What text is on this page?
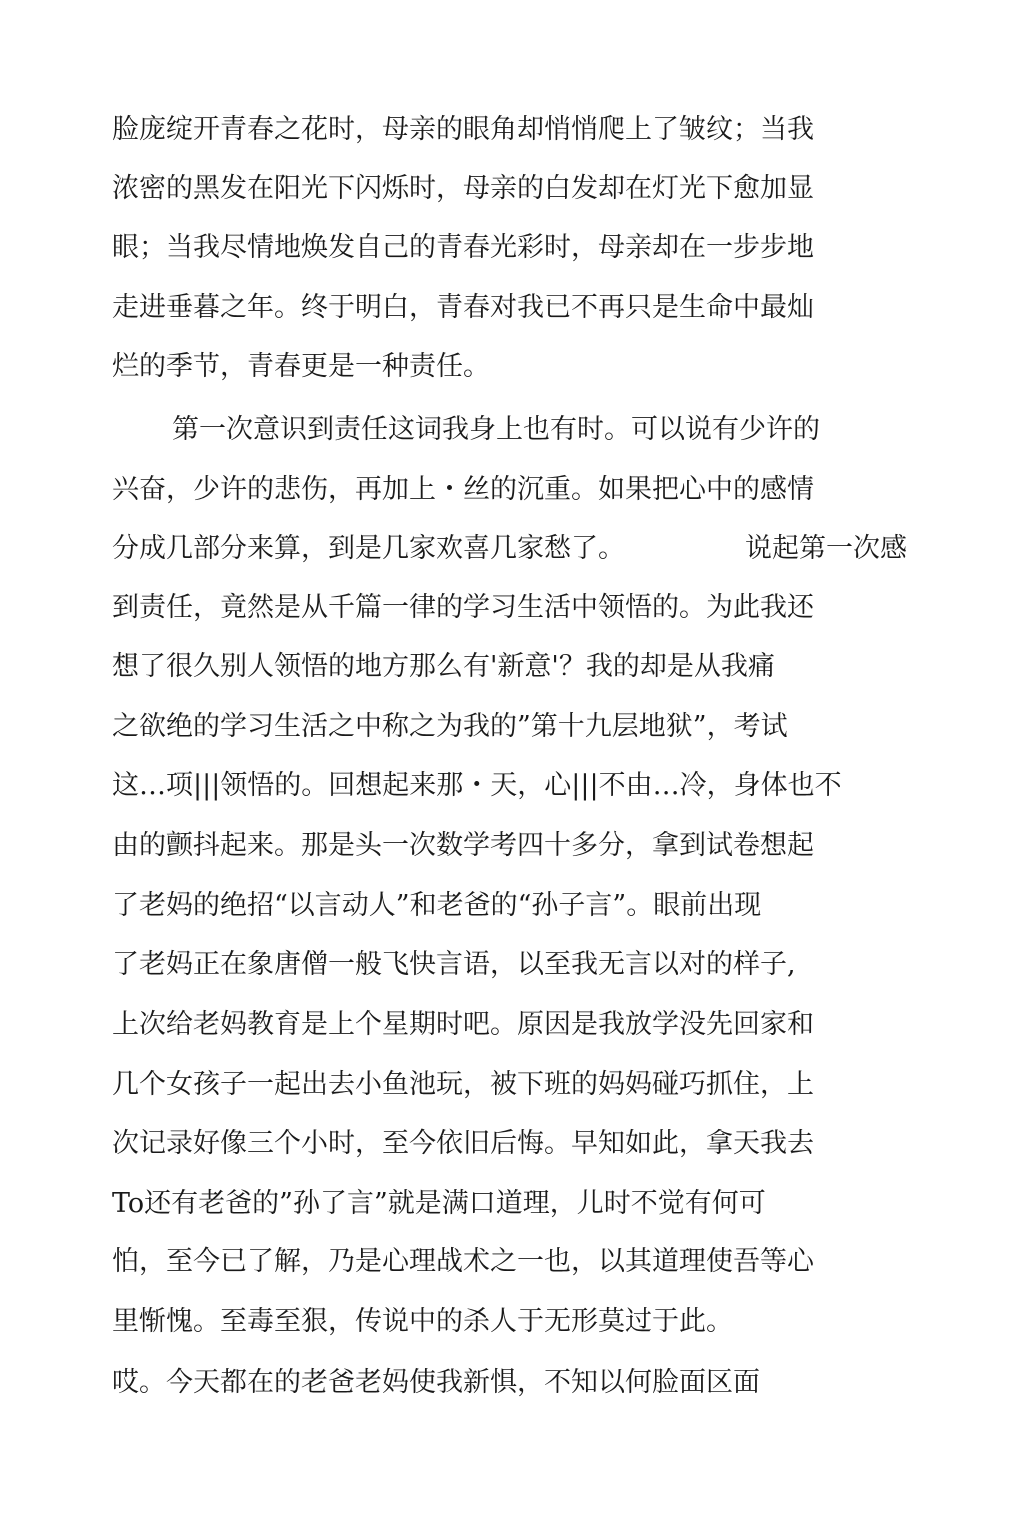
脸庞绽开青春之花时，母亲的眼角却悄悄爬上了皱纹；当我
浓密的黑发在阳光下闪烁时，母亲的白发却在灯光下愈加显
眼；当我尽情地焕发自己的青春光彩时，母亲却在一步步地
走进垂暮之年。终于明白，青春对我已不再只是生命中最灿
烂的季节，青春更是一种责任。
第一次意识到责任这词我身上也有时。可以说有少许的
兴奋，少许的悲伤，再加上・丝的沉重。如果把心中的感情
分成几部分来算，到是几家欢喜几家愁了。	说起第一次感
到责任，竟然是从千篇一律的学习生活中领悟的。为此我还
想了很久别人领悟的地方那么有'新意'？我的却是从我痛
之欲绝的学习生活之中称之为我的”第十九层地狱”，考试
这…项|||领悟的。回想起来那・天，心|||不由…冷，身体也不
由的颤抖起来。那是头一次数学考四十多分，拿到试卷想起
了老妈的绝招“以言动人”和老爸的“孙子言”。眼前出现
了老妈正在象唐僧一般飞快言语，以至我无言以对的样子,
上次给老妈教育是上个星期时吧。原因是我放学没先回家和
几个女孩子一起出去小鱼池玩，被下班的妈妈碰巧抓住，上
次记录好像三个小时，至今依旧后悔。早知如此，拿天我去
To还有老爸的”孙了言”就是满口道理，儿时不觉有何可
怕，至今已了解，乃是心理战术之一也，以其道理使吾等心
里惭愧。至毒至狠，传说中的杀人于无形莫过于此。
哎。今天都在的老爸老妈使我新惧，不知以何脸面区面
